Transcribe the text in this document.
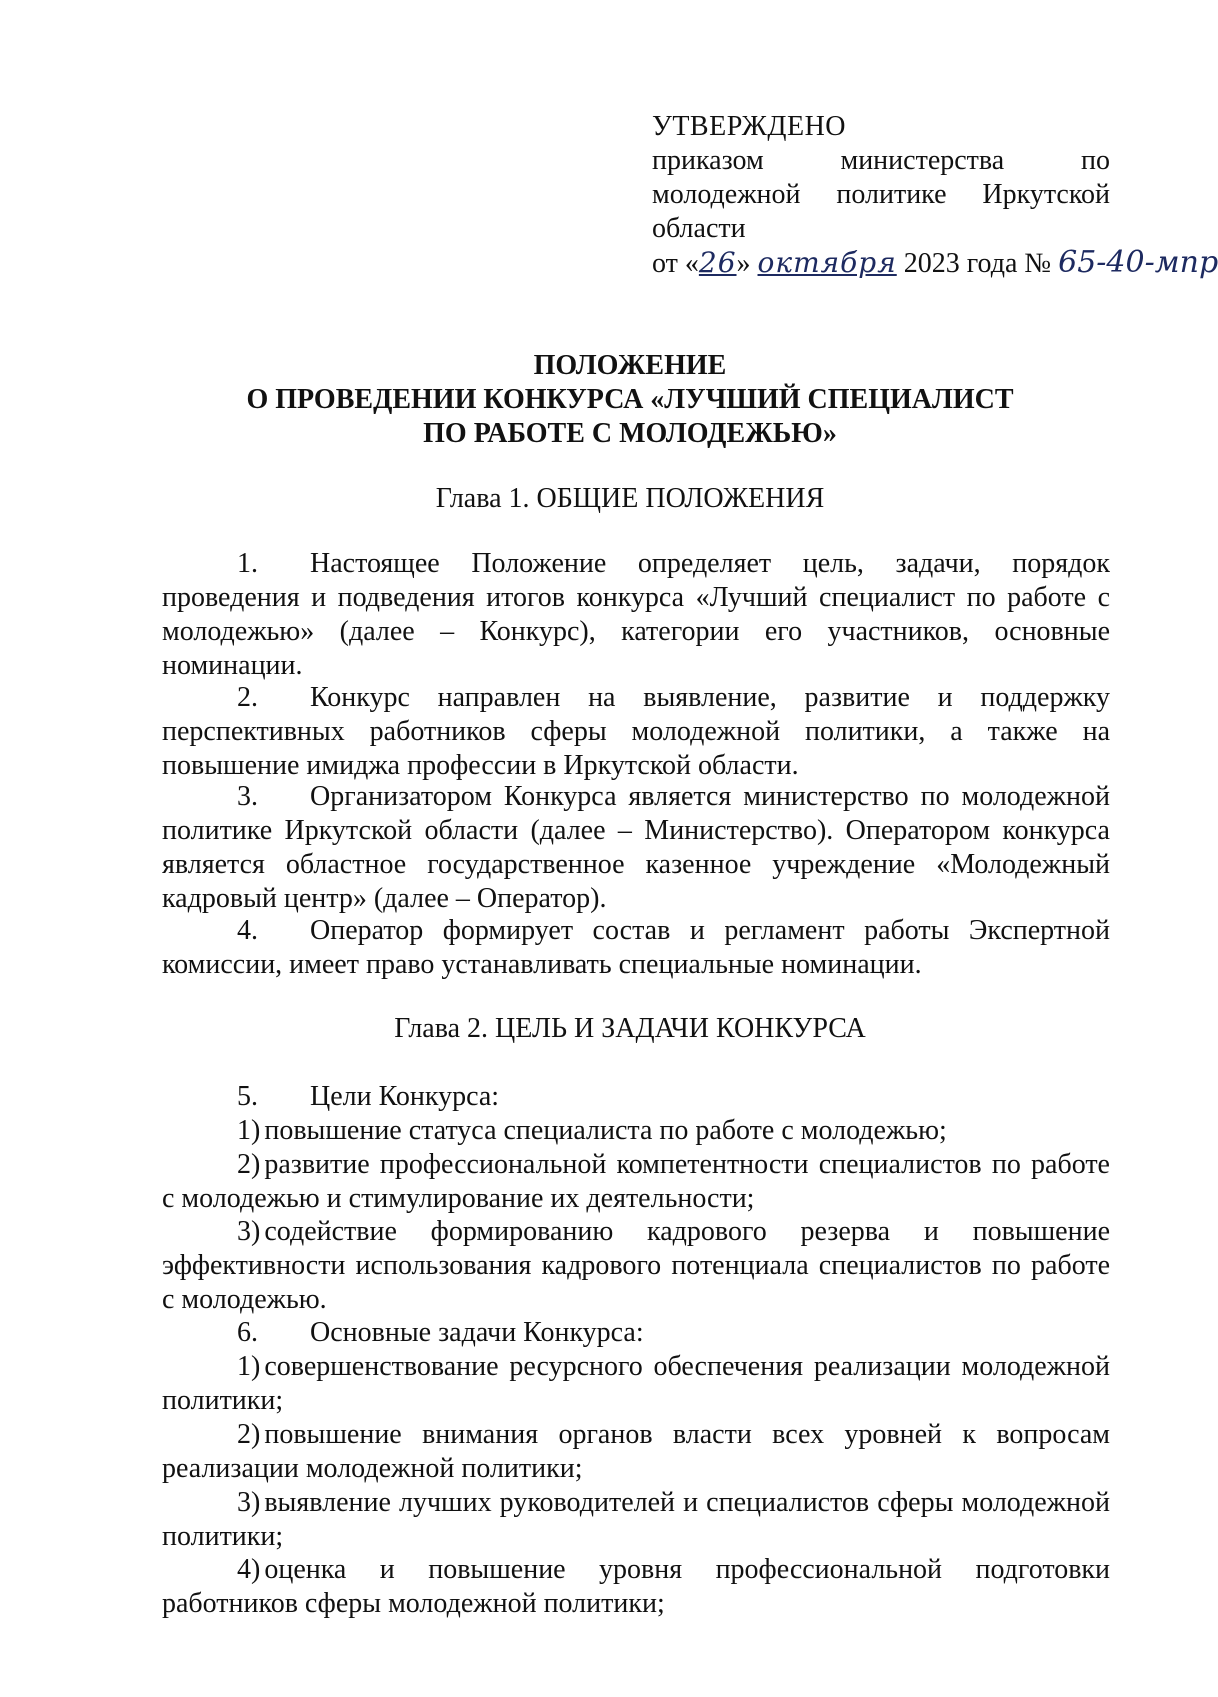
УТВЕРЖДЕНО
приказом министерства по
молодежной политике Иркутской
области
от «26» октября 2023 года № 65-40-мпр
ПОЛОЖЕНИЕ
О ПРОВЕДЕНИИ КОНКУРСА «ЛУЧШИЙ СПЕЦИАЛИСТ
ПО РАБОТЕ С МОЛОДЕЖЬЮ»
Глава 1. ОБЩИЕ ПОЛОЖЕНИЯ
1. Настоящее Положение определяет цель, задачи, порядок проведения и подведения итогов конкурса «Лучший специалист по работе с молодежью» (далее – Конкурс), категории его участников, основные номинации.
2. Конкурс направлен на выявление, развитие и поддержку перспективных работников сферы молодежной политики, а также на повышение имиджа профессии в Иркутской области.
3. Организатором Конкурса является министерство по молодежной политике Иркутской области (далее – Министерство). Оператором конкурса является областное государственное казенное учреждение «Молодежный кадровый центр» (далее – Оператор).
4. Оператор формирует состав и регламент работы Экспертной комиссии, имеет право устанавливать специальные номинации.
Глава 2. ЦЕЛЬ И ЗАДАЧИ КОНКУРСА
5. Цели Конкурса:
1) повышение статуса специалиста по работе с молодежью;
2) развитие профессиональной компетентности специалистов по работе с молодежью и стимулирование их деятельности;
3) содействие формированию кадрового резерва и повышение эффективности использования кадрового потенциала специалистов по работе с молодежью.
6. Основные задачи Конкурса:
1) совершенствование ресурсного обеспечения реализации молодежной политики;
2) повышение внимания органов власти всех уровней к вопросам реализации молодежной политики;
3) выявление лучших руководителей и специалистов сферы молодежной политики;
4) оценка и повышение уровня профессиональной подготовки работников сферы молодежной политики;
